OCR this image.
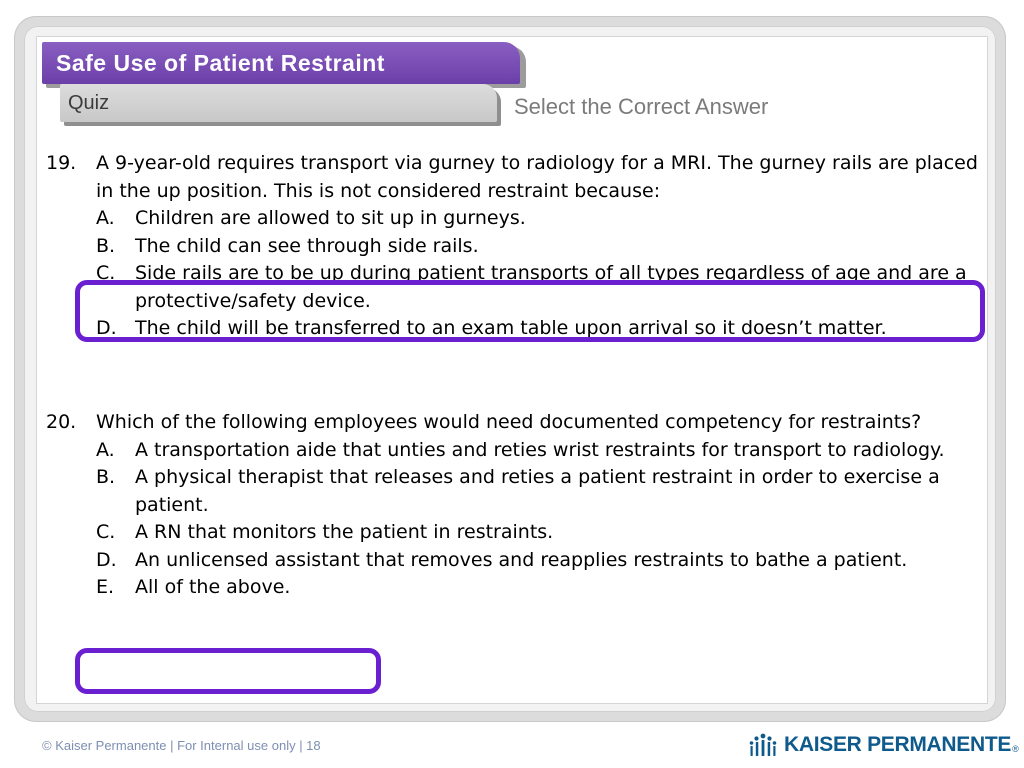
Safe Use of Patient Restraint
Quiz	Select the Correct Answer
19. A 9-year-old requires transport via gurney to radiology for a MRI. The gurney rails are placed in the up position. This is not considered restraint because:
A. Children are allowed to sit up in gurneys.
B. The child can see through side rails.
C. Side rails are to be up during patient transports of all types regardless of age and are a protective/safety device.
D. The child will be transferred to an exam table upon arrival so it doesn’t matter.
20. Which of the following employees would need documented competency for restraints?
A. A transportation aide that unties and reties wrist restraints for transport to radiology.
B. A physical therapist that releases and reties a patient restraint in order to exercise a patient.
C. A RN that monitors the patient in restraints.
D. An unlicensed assistant that removes and reapplies restraints to bathe a patient.
E. All of the above.
© Kaiser Permanente | For Internal use only | 18	KAISER PERMANENTE ®
